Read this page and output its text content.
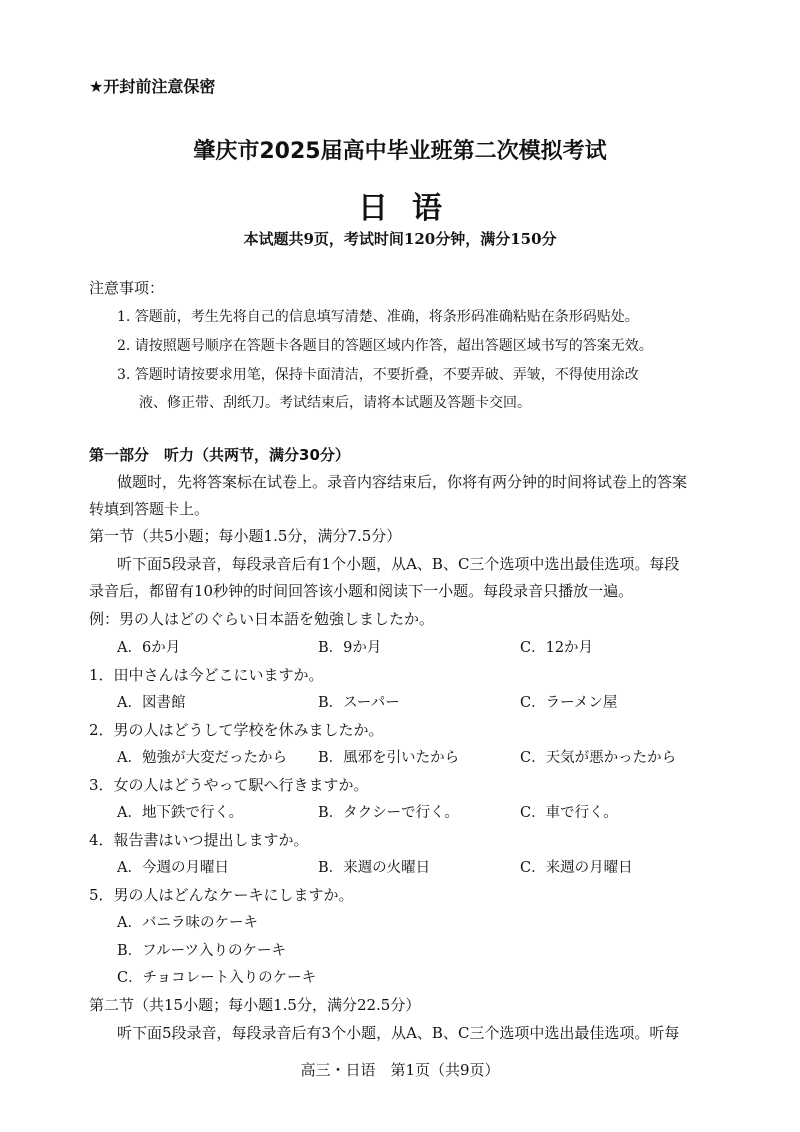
★开封前注意保密
肇庆市2025届高中毕业班第二次模拟考试
日语
本试题共9页，考试时间120分钟，满分150分
注意事项：
1. 答题前，考生先将自己的信息填写清楚、准确，将条形码准确粘贴在条形码贴处。
2. 请按照题号顺序在答题卡各题目的答题区域内作答，超出答题区域书写的答案无效。
3. 答题时请按要求用笔，保持卡面清洁，不要折叠，不要弄破、弄皱，不得使用涂改
液、修正带、刮纸刀。考试结束后，请将本试题及答题卡交回。
第一部分　听力（共两节，满分30分）
做题时，先将答案标在试卷上。录音内容结束后，你将有两分钟的时间将试卷上的答案
转填到答题卡上。
第一节（共5小题；每小题1.5分，满分7.5分）
听下面5段录音，每段录音后有1个小题，从A、B、C三个选项中选出最佳选项。每段
录音后，都留有10秒钟的时间回答该小题和阅读下一小题。每段录音只播放一遍。
例：男の人はどのぐらい日本語を勉強しましたか。
A．6か月	B．9か月	C．12か月
1．田中さんは今どこにいますか。
A．図書館	B．スーパー	C．ラーメン屋
2．男の人はどうして学校を休みましたか。
A．勉強が大変だったから B．風邪を引いたから	C．天気が悪かったから
3．女の人はどうやって駅へ行きますか。
A．地下鉄で行く。	B．タクシーで行く。	C．車で行く。
4．報告書はいつ提出しますか。
A．今週の月曜日	B．来週の火曜日	C．来週の月曜日
5．男の人はどんなケーキにしますか。
A．バニラ味のケーキ
B．フルーツ入りのケーキ
C．チョコレート入りのケーキ
第二节（共15小题；每小题1.5分，满分22.5分）
听下面5段录音，每段录音后有3个小题，从A、B、C三个选项中选出最佳选项。听每
高三・日语　第1页（共9页）
